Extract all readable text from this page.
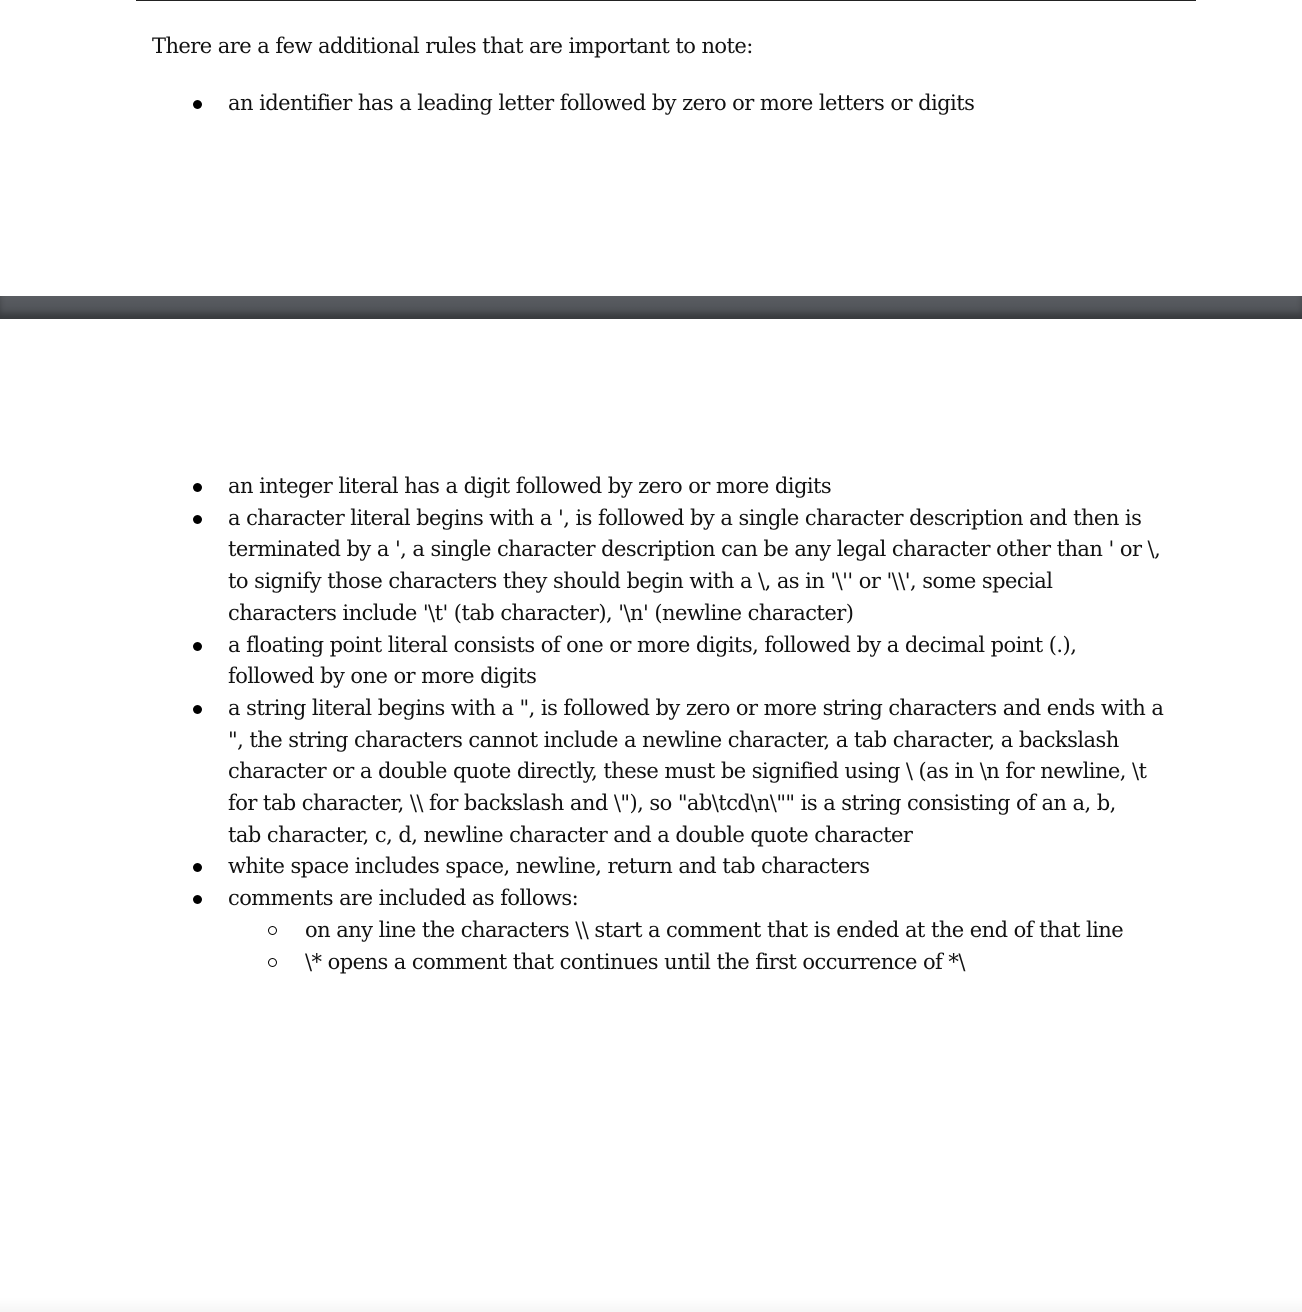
There are a few additional rules that are important to note:
an identifier has a leading letter followed by zero or more letters or digits
an integer literal has a digit followed by zero or more digits
a character literal begins with a ', is followed by a single character description and then is
terminated by a ', a single character description can be any legal character other than ' or \,
to signify those characters they should begin with a \, as in '\'' or '\\', some special
characters include '\t' (tab character), '\n' (newline character)
a floating point literal consists of one or more digits, followed by a decimal point (.),
followed by one or more digits
a string literal begins with a ", is followed by zero or more string characters and ends with a
", the string characters cannot include a newline character, a tab character, a backslash
character or a double quote directly, these must be signified using \ (as in \n for newline, \t
for tab character, \\ for backslash and \"), so "ab\tcd\n\"" is a string consisting of an a, b,
tab character, c, d, newline character and a double quote character
white space includes space, newline, return and tab characters
comments are included as follows:
on any line the characters \\ start a comment that is ended at the end of that line
\* opens a comment that continues until the first occurrence of *\
